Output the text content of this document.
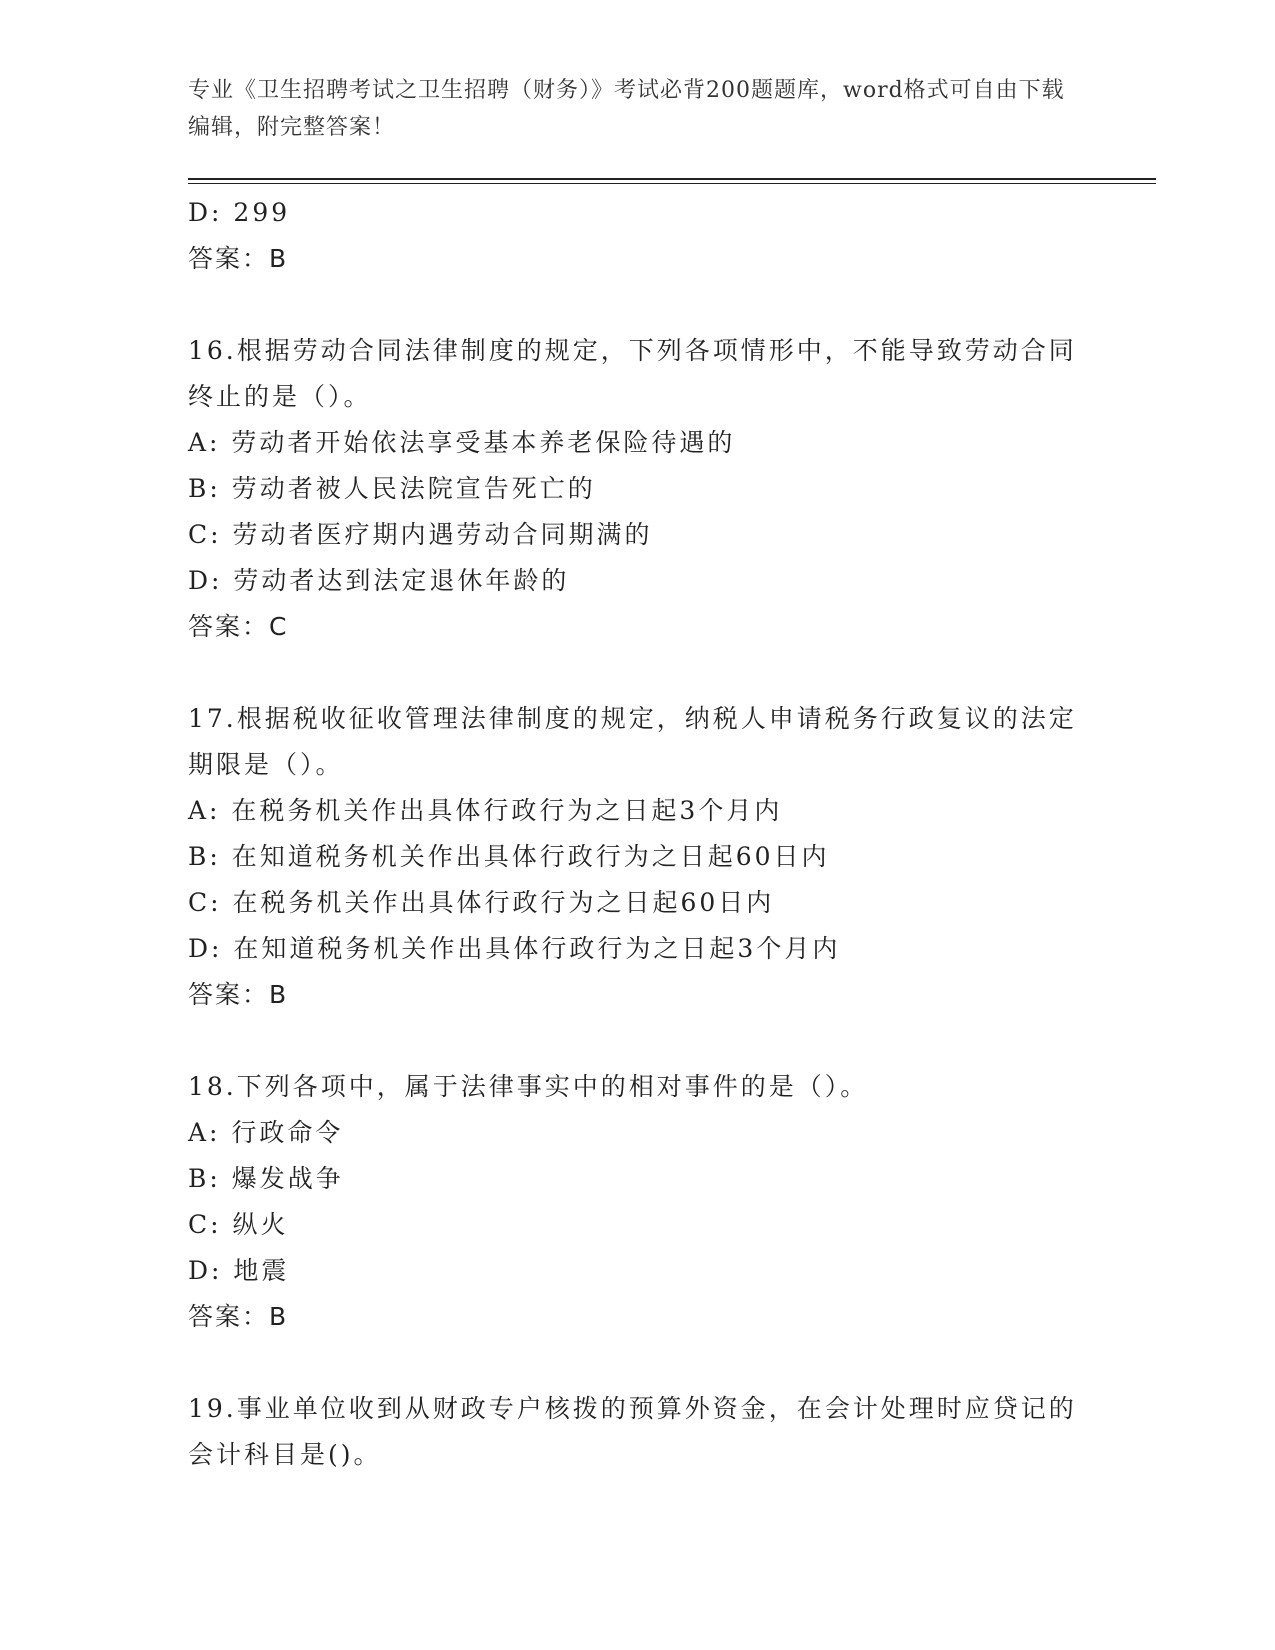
专业《卫生招聘考试之卫生招聘（财务）》考试必背200题题库，word格式可自由下载编辑，附完整答案！
D: 299
答案：B
16.根据劳动合同法律制度的规定，下列各项情形中，不能导致劳动合同终止的是（）。
A: 劳动者开始依法享受基本养老保险待遇的
B: 劳动者被人民法院宣告死亡的
C: 劳动者医疗期内遇劳动合同期满的
D: 劳动者达到法定退休年龄的
答案：C
17.根据税收征收管理法律制度的规定，纳税人申请税务行政复议的法定期限是（）。
A: 在税务机关作出具体行政行为之日起3个月内
B: 在知道税务机关作出具体行政行为之日起60日内
C: 在税务机关作出具体行政行为之日起60日内
D: 在知道税务机关作出具体行政行为之日起3个月内
答案：B
18.下列各项中，属于法律事实中的相对事件的是（）。
A: 行政命令
B: 爆发战争
C: 纵火
D: 地震
答案：B
19.事业单位收到从财政专户核拨的预算外资金，在会计处理时应贷记的会计科目是()。
